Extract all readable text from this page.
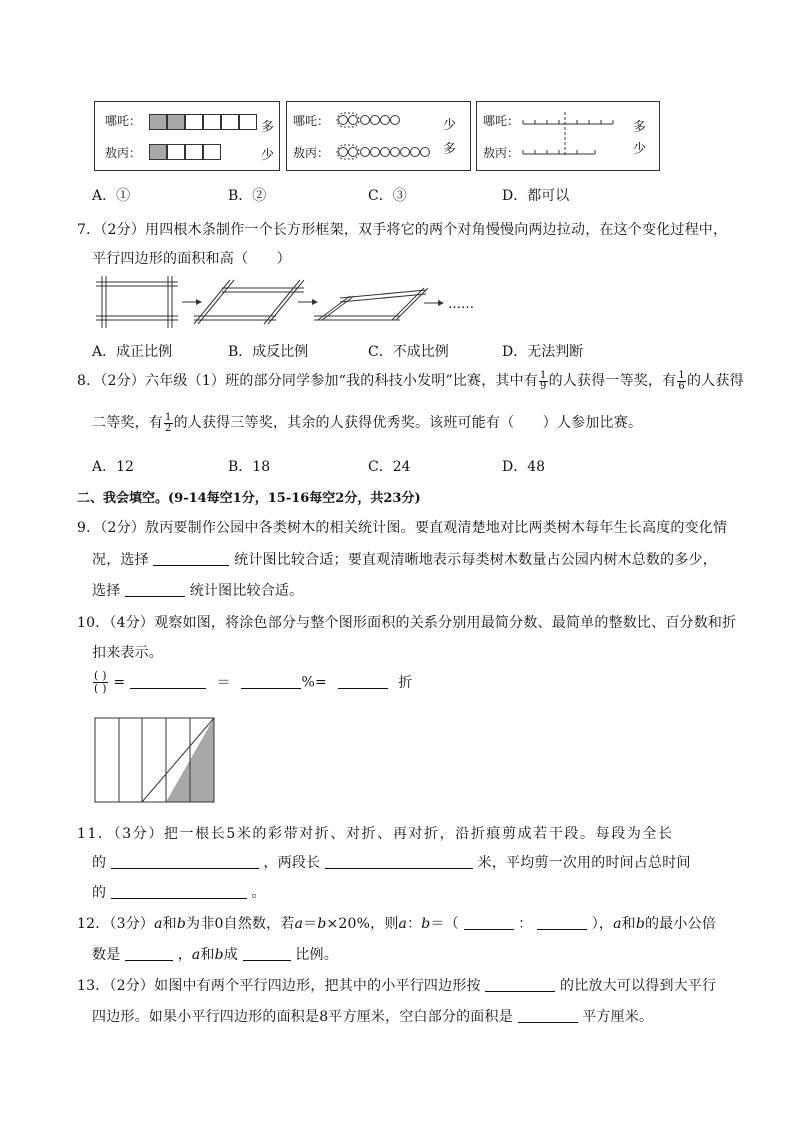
哪吒：	多
敖丙：	少
哪吒：	少
敖丙：	多
哪吒：	多
敖丙：	少
A．①	B．②	C．③	D．都可以
7．（2分）用四根木条制作一个长方形框架，双手将它的两个对角慢慢向两边拉动，在这个变化过程中，
平行四边形的面积和高（　　）
……
A．成正比例	B．成反比例	C．不成比例	D．无法判断
8．（2分）六年级（1）班的部分同学参加“我的科技小发明”比赛，其中有 $\frac{1}{9}$ 的人获得一等奖，有 $\frac{1}{6}$ 的人获得
二等奖，有 $\frac{1}{2}$ 的人获得三等奖，其余的人获得优秀奖。该班可能有（　　）人参加比赛。
A．12	B．18	C．24	D．48
二、我会填空。(9-14每空1分，15-16每空2分，共23分)
9．（2分）敖丙要制作公园中各类树木的相关统计图。要直观清楚地对比两类树木每年生长高度的变化情
况，选择	统计图比较合适；要直观清晰地表示每类树木数量占公园内树木总数的多少，
选择	统计图比较合适。
10．（4分）观察如图，将涂色部分与整个图形面积的关系分别用最简分数、最简单的整数比、百分数和折
扣来表示。
$\frac{( )}{( )}$ =	＝	%=	折
11．（3分）把一根长5米的彩带对折、对折、再对折，沿折痕剪成若干段。每段为全长
的	，两段长	米，平均剪一次用的时间占总时间
的	。
12．（3分）a和b为非0自然数，若a＝b×20%，则a：b＝（	：	），a和b的最小公倍
数是	，a和b成	比例。
13．（2分）如图中有两个平行四边形，把其中的小平行四边形按	的比放大可以得到大平行
四边形。如果小平行四边形的面积是8平方厘米，空白部分的面积是	平方厘米。
